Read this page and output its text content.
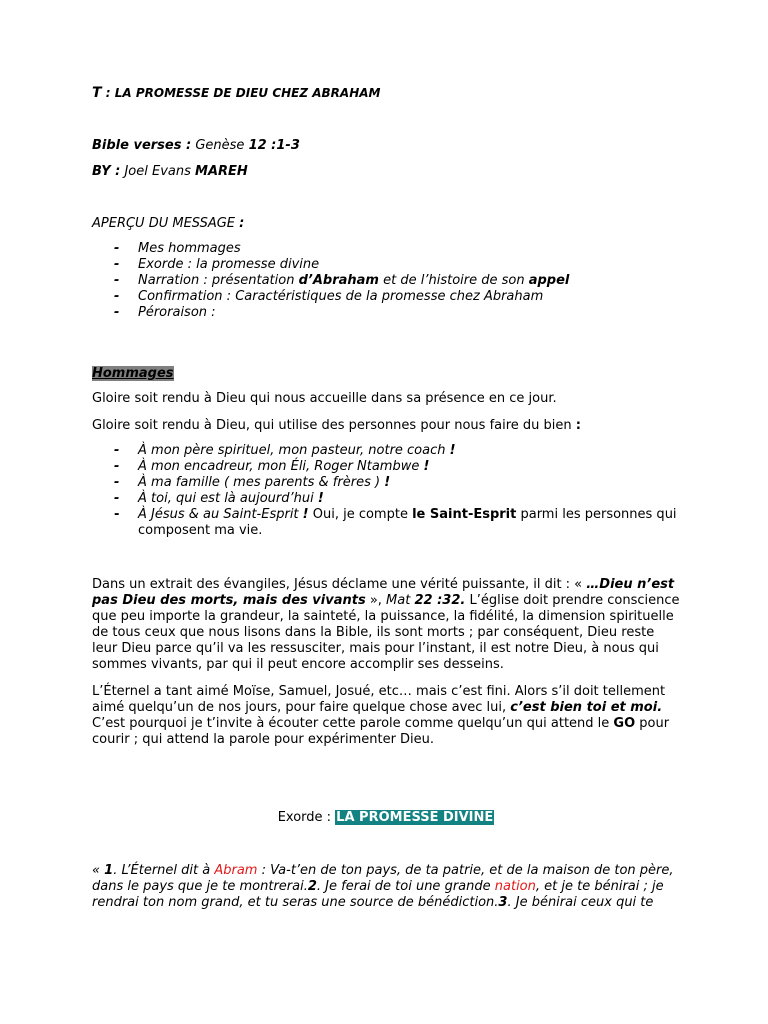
T : LA PROMESSE DE DIEU CHEZ ABRAHAM

Bible verses : Genèse 12 :1-3

BY : Joel Evans MAREH

APERÇU DU MESSAGE :

- Mes hommages
- Exorde : la promesse divine
- Narration : présentation d’Abraham et de l’histoire de son appel
- Confirmation : Caractéristiques de la promesse chez Abraham
- Péroraison :

Hommages

Gloire soit rendu à Dieu qui nous accueille dans sa présence en ce jour.

Gloire soit rendu à Dieu, qui utilise des personnes pour nous faire du bien :

- À mon père spirituel, mon pasteur, notre coach !
- À mon encadreur, mon Éli, Roger Ntambwe !
- À ma famille ( mes parents & frères ) !
- À toi, qui est là aujourd’hui !
- À Jésus & au Saint-Esprit ! Oui, je compte le Saint-Esprit parmi les personnes qui composent ma vie.

Dans un extrait des évangiles, Jésus déclame une vérité puissante, il dit : « …Dieu n’est pas Dieu des morts, mais des vivants », Mat 22 :32. L’église doit prendre conscience que peu importe la grandeur, la sainteté, la puissance, la fidélité, la dimension spirituelle de tous ceux que nous lisons dans la Bible, ils sont morts ; par conséquent, Dieu reste leur Dieu parce qu’il va les ressusciter, mais pour l’instant, il est notre Dieu, à nous qui sommes vivants, par qui il peut encore accomplir ses desseins.

L’Éternel a tant aimé Moïse, Samuel, Josué, etc… mais c’est fini. Alors s’il doit tellement aimé quelqu’un de nos jours, pour faire quelque chose avec lui, c’est bien toi et moi. C’est pourquoi je t’invite à écouter cette parole comme quelqu’un qui attend le GO pour courir ; qui attend la parole pour expérimenter Dieu.

Exorde : LA PROMESSE DIVINE

« 1. L’Éternel dit à Abram : Va-t’en de ton pays, de ta patrie, et de la maison de ton père, dans le pays que je te montrerai.2. Je ferai de toi une grande nation, et je te bénirai ; je rendrai ton nom grand, et tu seras une source de bénédiction.3. Je bénirai ceux qui te
